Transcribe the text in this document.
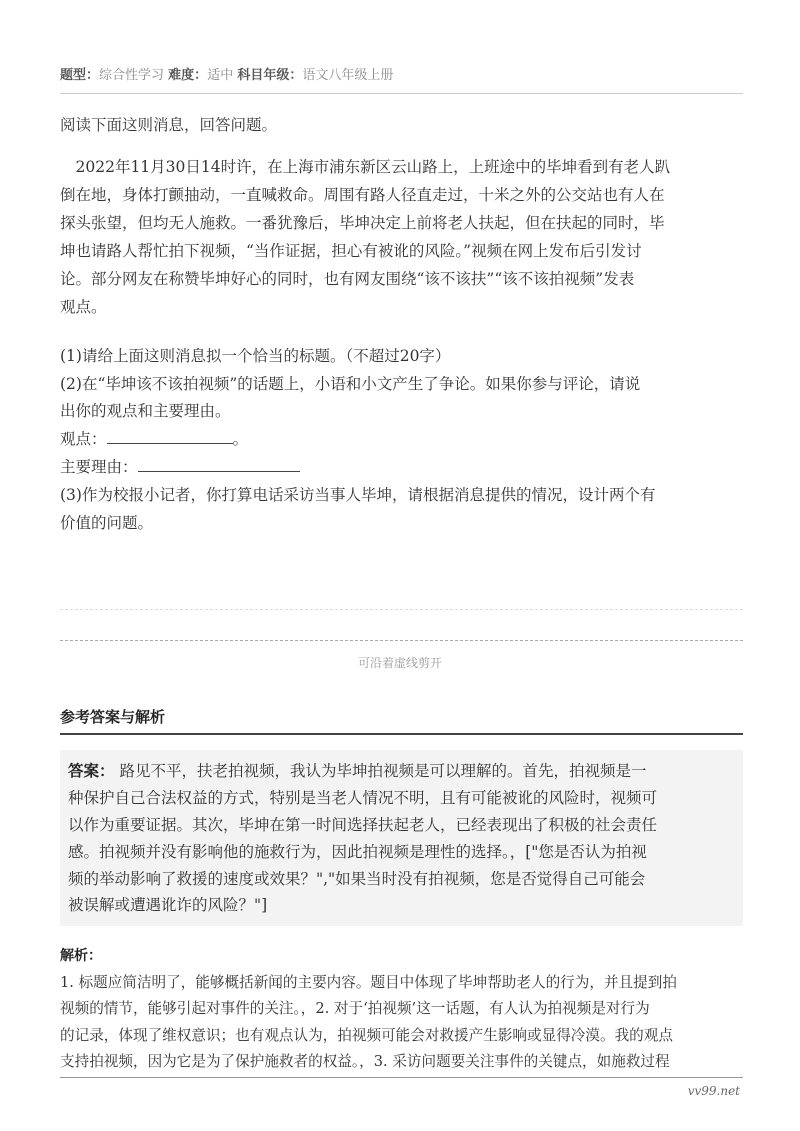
题型：综合性学习 难度：适中 科目年级：语文八年级上册
阅读下面这则消息，回答问题。
　2022年11月30日14时许，在上海市浦东新区云山路上，上班途中的毕坤看到有老人趴
倒在地，身体打颤抽动，一直喊救命。周围有路人径直走过，十米之外的公交站也有人在
探头张望，但均无人施救。一番犹豫后，毕坤决定上前将老人扶起，但在扶起的同时，毕
坤也请路人帮忙拍下视频，“当作证据，担心有被讹的风险。”视频在网上发布后引发讨
论。部分网友在称赞毕坤好心的同时，也有网友围绕“该不该扶”“该不该拍视频”发表
观点。
(1)请给上面这则消息拟一个恰当的标题。（不超过20字）
(2)在“毕坤该不该拍视频”的话题上，小语和小文产生了争论。如果你参与评论，请说
出你的观点和主要理由。
观点：	。
主要理由：
(3)作为校报小记者，你打算电话采访当事人毕坤，请根据消息提供的情况，设计两个有
价值的问题。
可沿着虚线剪开
参考答案与解析
答案： 路见不平，扶老拍视频，我认为毕坤拍视频是可以理解的。首先，拍视频是一
种保护自己合法权益的方式，特别是当老人情况不明，且有可能被讹的风险时，视频可
以作为重要证据。其次，毕坤在第一时间选择扶起老人，已经表现出了积极的社会责任
感。拍视频并没有影响他的施救行为，因此拍视频是理性的选择。，["您是否认为拍视
频的举动影响了救援的速度或效果？","如果当时没有拍视频，您是否觉得自己可能会
被误解或遭遇讹诈的风险？"]
解析：
1. 标题应简洁明了，能够概括新闻的主要内容。题目中体现了毕坤帮助老人的行为，并且提到拍
视频的情节，能够引起对事件的关注。，2. 对于‘拍视频’这一话题，有人认为拍视频是对行为
的记录，体现了维权意识；也有观点认为，拍视频可能会对救援产生影响或显得冷漠。我的观点
支持拍视频，因为它是为了保护施救者的权益。，3. 采访问题要关注事件的关键点，如施救过程
vv99.net
